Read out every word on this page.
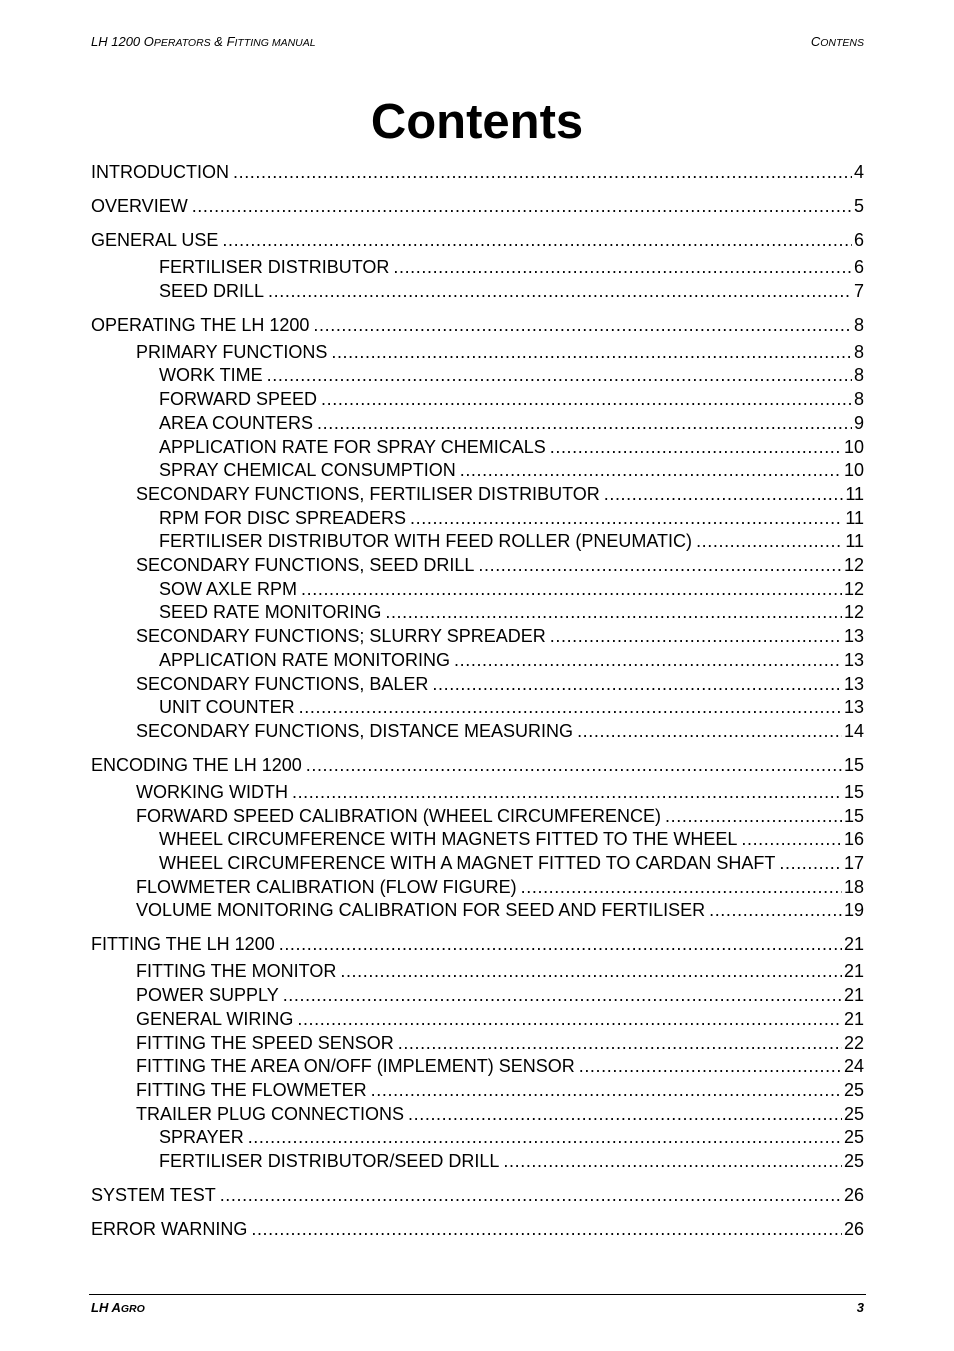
LH 1200 OPERATORS & FITTING MANUAL	CONTENS
Contents
INTRODUCTION .....	4
OVERVIEW .....	5
GENERAL USE .....	6
FERTILISER DISTRIBUTOR .....	6
SEED DRILL .....	7
OPERATING THE LH 1200 .....	8
PRIMARY FUNCTIONS .....	8
WORK TIME .....	8
FORWARD SPEED .....	8
AREA COUNTERS .....	9
APPLICATION RATE FOR SPRAY CHEMICALS .....	10
SPRAY CHEMICAL CONSUMPTION .....	10
SECONDARY FUNCTIONS, FERTILISER DISTRIBUTOR .....	11
RPM FOR DISC SPREADERS .....	11
FERTILISER DISTRIBUTOR WITH FEED ROLLER (PNEUMATIC) .....	11
SECONDARY FUNCTIONS, SEED DRILL .....	12
SOW AXLE RPM .....	12
SEED RATE MONITORING .....	12
SECONDARY FUNCTIONS; SLURRY SPREADER .....	13
APPLICATION RATE MONITORING .....	13
SECONDARY FUNCTIONS, BALER .....	13
UNIT COUNTER .....	13
SECONDARY FUNCTIONS, DISTANCE MEASURING .....	14
ENCODING THE LH 1200 .....	15
WORKING WIDTH .....	15
FORWARD SPEED CALIBRATION (WHEEL CIRCUMFERENCE) .....	15
WHEEL CIRCUMFERENCE WITH MAGNETS FITTED TO THE WHEEL .....	16
WHEEL CIRCUMFERENCE WITH A MAGNET FITTED TO CARDAN SHAFT .....	17
FLOWMETER CALIBRATION (FLOW FIGURE) .....	18
VOLUME MONITORING CALIBRATION FOR SEED AND FERTILISER .....	19
FITTING THE LH 1200 .....	21
FITTING THE MONITOR .....	21
POWER SUPPLY .....	21
GENERAL WIRING .....	21
FITTING THE SPEED SENSOR .....	22
FITTING THE AREA ON/OFF (IMPLEMENT) SENSOR .....	24
FITTING THE FLOWMETER .....	25
TRAILER PLUG CONNECTIONS .....	25
SPRAYER .....	25
FERTILISER DISTRIBUTOR/SEED DRILL .....	25
SYSTEM TEST .....	26
ERROR WARNING .....	26
LH AGRO	3
